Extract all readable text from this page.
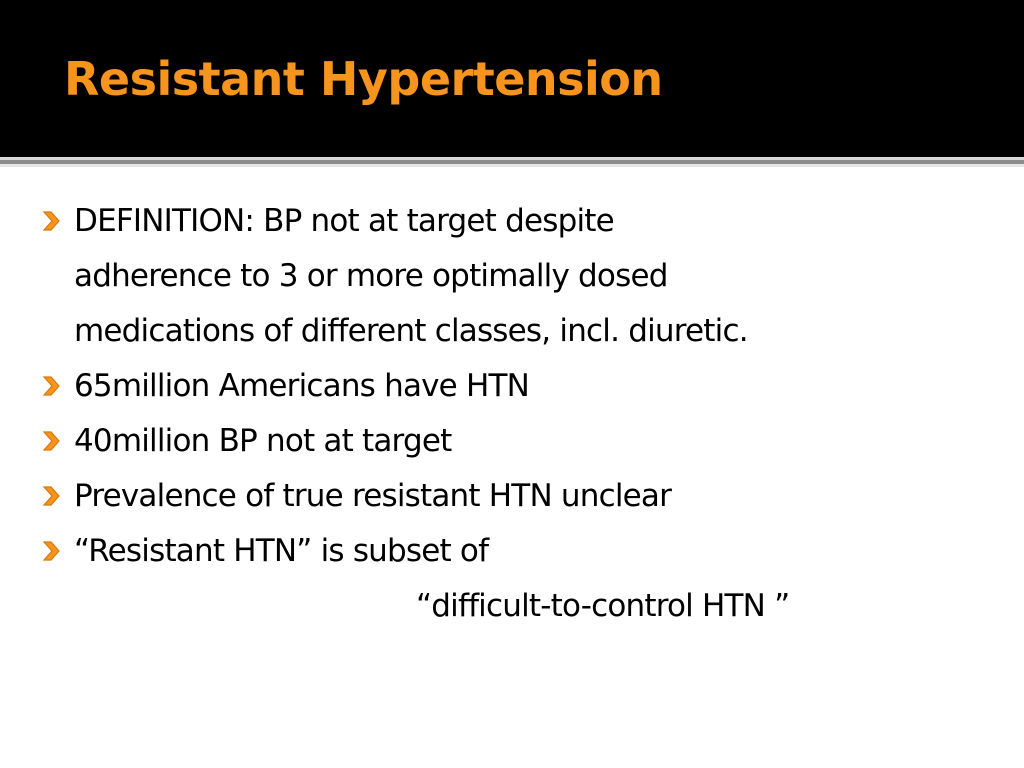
Resistant Hypertension
DEFINITION: BP not at target despite
adherence to 3 or more optimally dosed
medications of different classes, incl. diuretic.
65million Americans have HTN
40million BP not at target
Prevalence of true resistant HTN unclear
“Resistant HTN” is subset of
“difficult-to-control HTN ”
